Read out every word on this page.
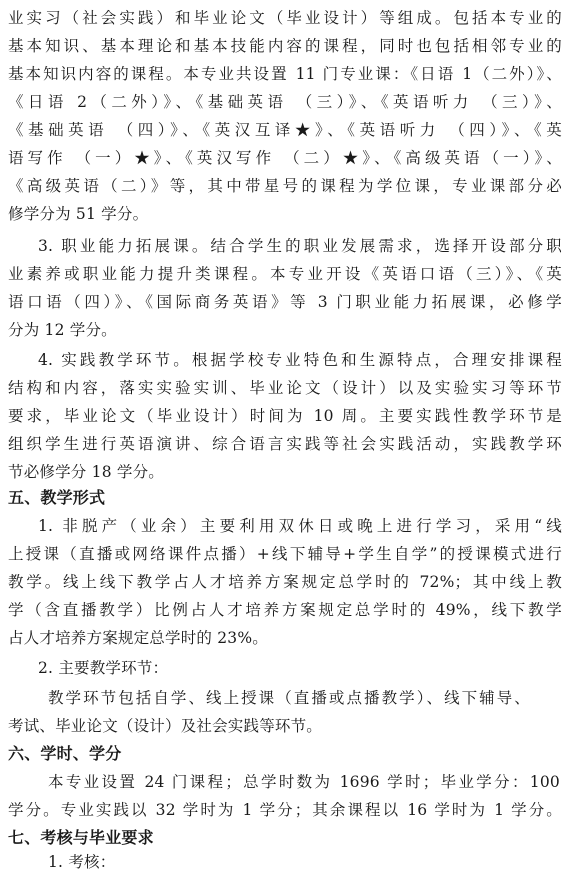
业实习（社会实践）和毕业论文（毕业设计）等组成。包括本专业的
基本知识、基本理论和基本技能内容的课程，同时也包括相邻专业的
基本知识内容的课程。本专业共设置 11 门专业课：《日语 1（二外）》、
《日语 2（二外）》、《基础英语 （三）》、《英语听力 （三）》、
《基础英语 （四）》、《英汉互译★》、《英语听力 （四）》、《英
语写作 （一）★》、《英汉写作 （二）★》、《高级英语（一）》、
《高级英语（二）》等，其中带星号的课程为学位课，专业课部分必
修学分为 51 学分。
3. 职业能力拓展课。结合学生的职业发展需求，选择开设部分职
业素养或职业能力提升类课程。本专业开设《英语口语（三）》、《英
语口语（四）》、《国际商务英语》等 3 门职业能力拓展课，必修学
分为 12 学分。
4. 实践教学环节。根据学校专业特色和生源特点，合理安排课程
结构和内容，落实实验实训、毕业论文（设计）以及实验实习等环节
要求，毕业论文（毕业设计）时间为 10 周。主要实践性教学环节是
组织学生进行英语演讲、综合语言实践等社会实践活动，实践教学环
节必修学分 18 学分。
五、教学形式
1. 非脱产（业余）主要利用双休日或晚上进行学习，采用“线
上授课（直播或网络课件点播）+线下辅导+学生自学”的授课模式进行
教学。线上线下教学占人才培养方案规定总学时的 72%；其中线上教
学（含直播教学）比例占人才培养方案规定总学时的 49%，线下教学
占人才培养方案规定总学时的 23%。
2. 主要教学环节：
教学环节包括自学、线上授课（直播或点播教学）、线下辅导、
考试、毕业论文（设计）及社会实践等环节。
六、学时、学分
本专业设置 24 门课程；总学时数为 1696 学时；毕业学分：100
学分。专业实践以 32 学时为 1 学分；其余课程以 16 学时为 1 学分。
七、考核与毕业要求
1. 考核：
